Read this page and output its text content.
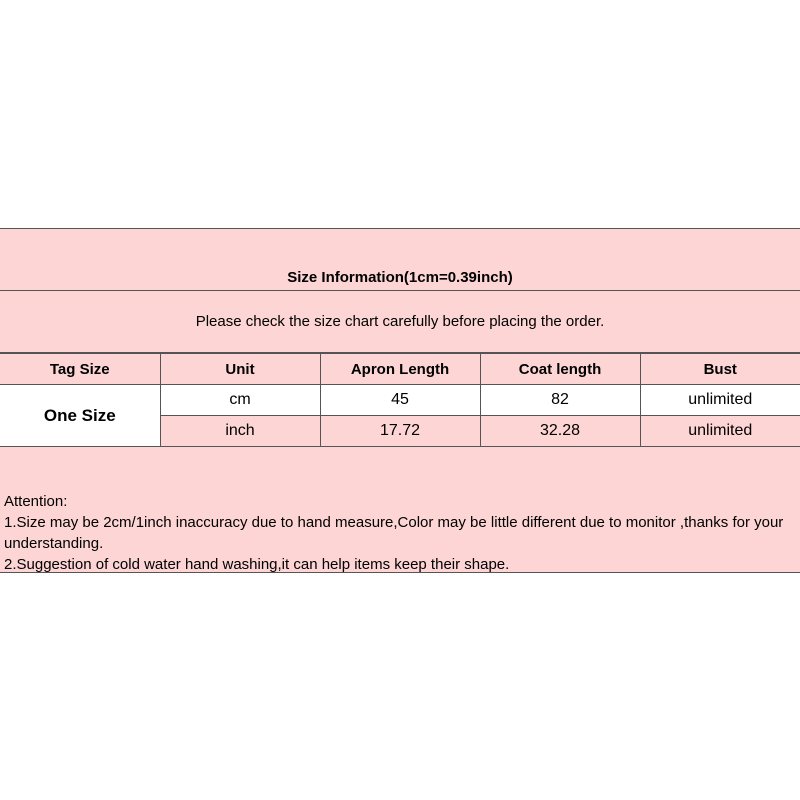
Size Information(1cm=0.39inch)
Please check the size chart carefully before placing the order.
Tag Size	Unit	Apron Length	Coat length	Bust
One Size	cm	45	82	unlimited
	inch	17.72	32.28	unlimited
Attention:
1.Size may be 2cm/1inch inaccuracy due to hand measure,Color may be little different due to monitor ,thanks for your understanding.
2.Suggestion of cold water hand washing,it can help items keep their shape.
